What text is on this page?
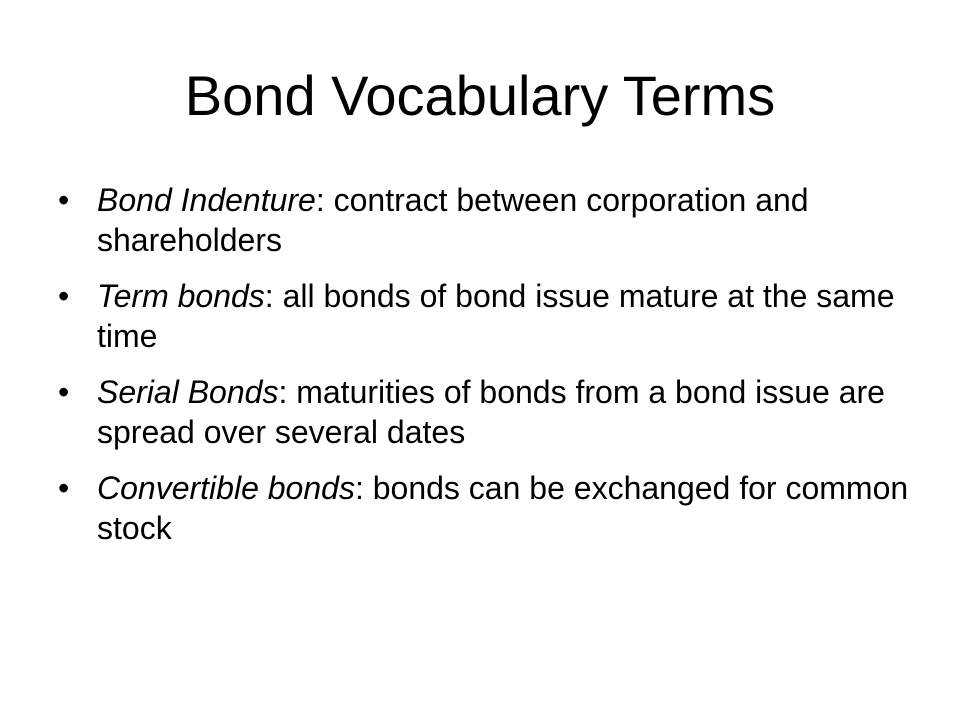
Bond Vocabulary Terms
• Bond Indenture: contract between corporation and shareholders
• Term bonds: all bonds of bond issue mature at the same time
• Serial Bonds: maturities of bonds from a bond issue are spread over several dates
• Convertible bonds: bonds can be exchanged for common stock
